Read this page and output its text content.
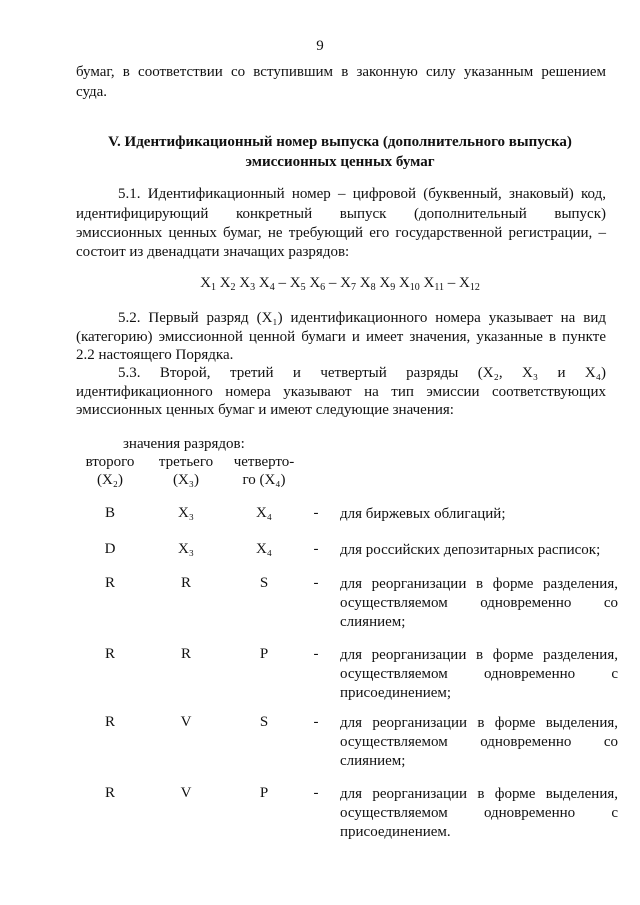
9
бумаг, в соответствии со вступившим в законную силу указанным решением
суда.
V. Идентификационный номер выпуска (дополнительного выпуска)
эмиссионных ценных бумаг
5.1. Идентификационный номер – цифровой (буквенный, знаковый) код,
идентифицирующий конкретный выпуск (дополнительный выпуск)
эмиссионных ценных бумаг, не требующий его государственной регистрации, –
состоит из двенадцати значащих разрядов:
$X_1$ $X_2$ $X_3$ $X_4 - X_5$ $X_6 - X_7$ $X_8$ $X_9$ $X_{10}$ $X_{11} - X_{12}$
5.2. Первый разряд (X₁) идентификационного номера указывает на вид
(категорию) эмиссионной ценной бумаги и имеет значения, указанные в пункте
2.2 настоящего Порядка.
5.3. Второй, третий и четвертый разряды (X₂, X₃ и X₄)
идентификационного номера указывают на тип эмиссии соответствующих
эмиссионных ценных бумаг и имеют следующие значения:
значения разрядов:
второго
(X₂)
третьего
(X₃)
четверто-
го (X₄)
B	X₃	X₄	-	для биржевых облигаций;
D	X₃	X₄	-	для российских депозитарных расписок;
R	R	S	-	для реорганизации в форме разделения,
осуществляемом одновременно со
слиянием;
R	R	P	-	для реорганизации в форме разделения,
осуществляемом одновременно с
присоединением;
R	V	S	-	для реорганизации в форме выделения,
осуществляемом одновременно со
слиянием;
R	V	P	-	для реорганизации в форме выделения,
осуществляемом одновременно с
присоединением.
